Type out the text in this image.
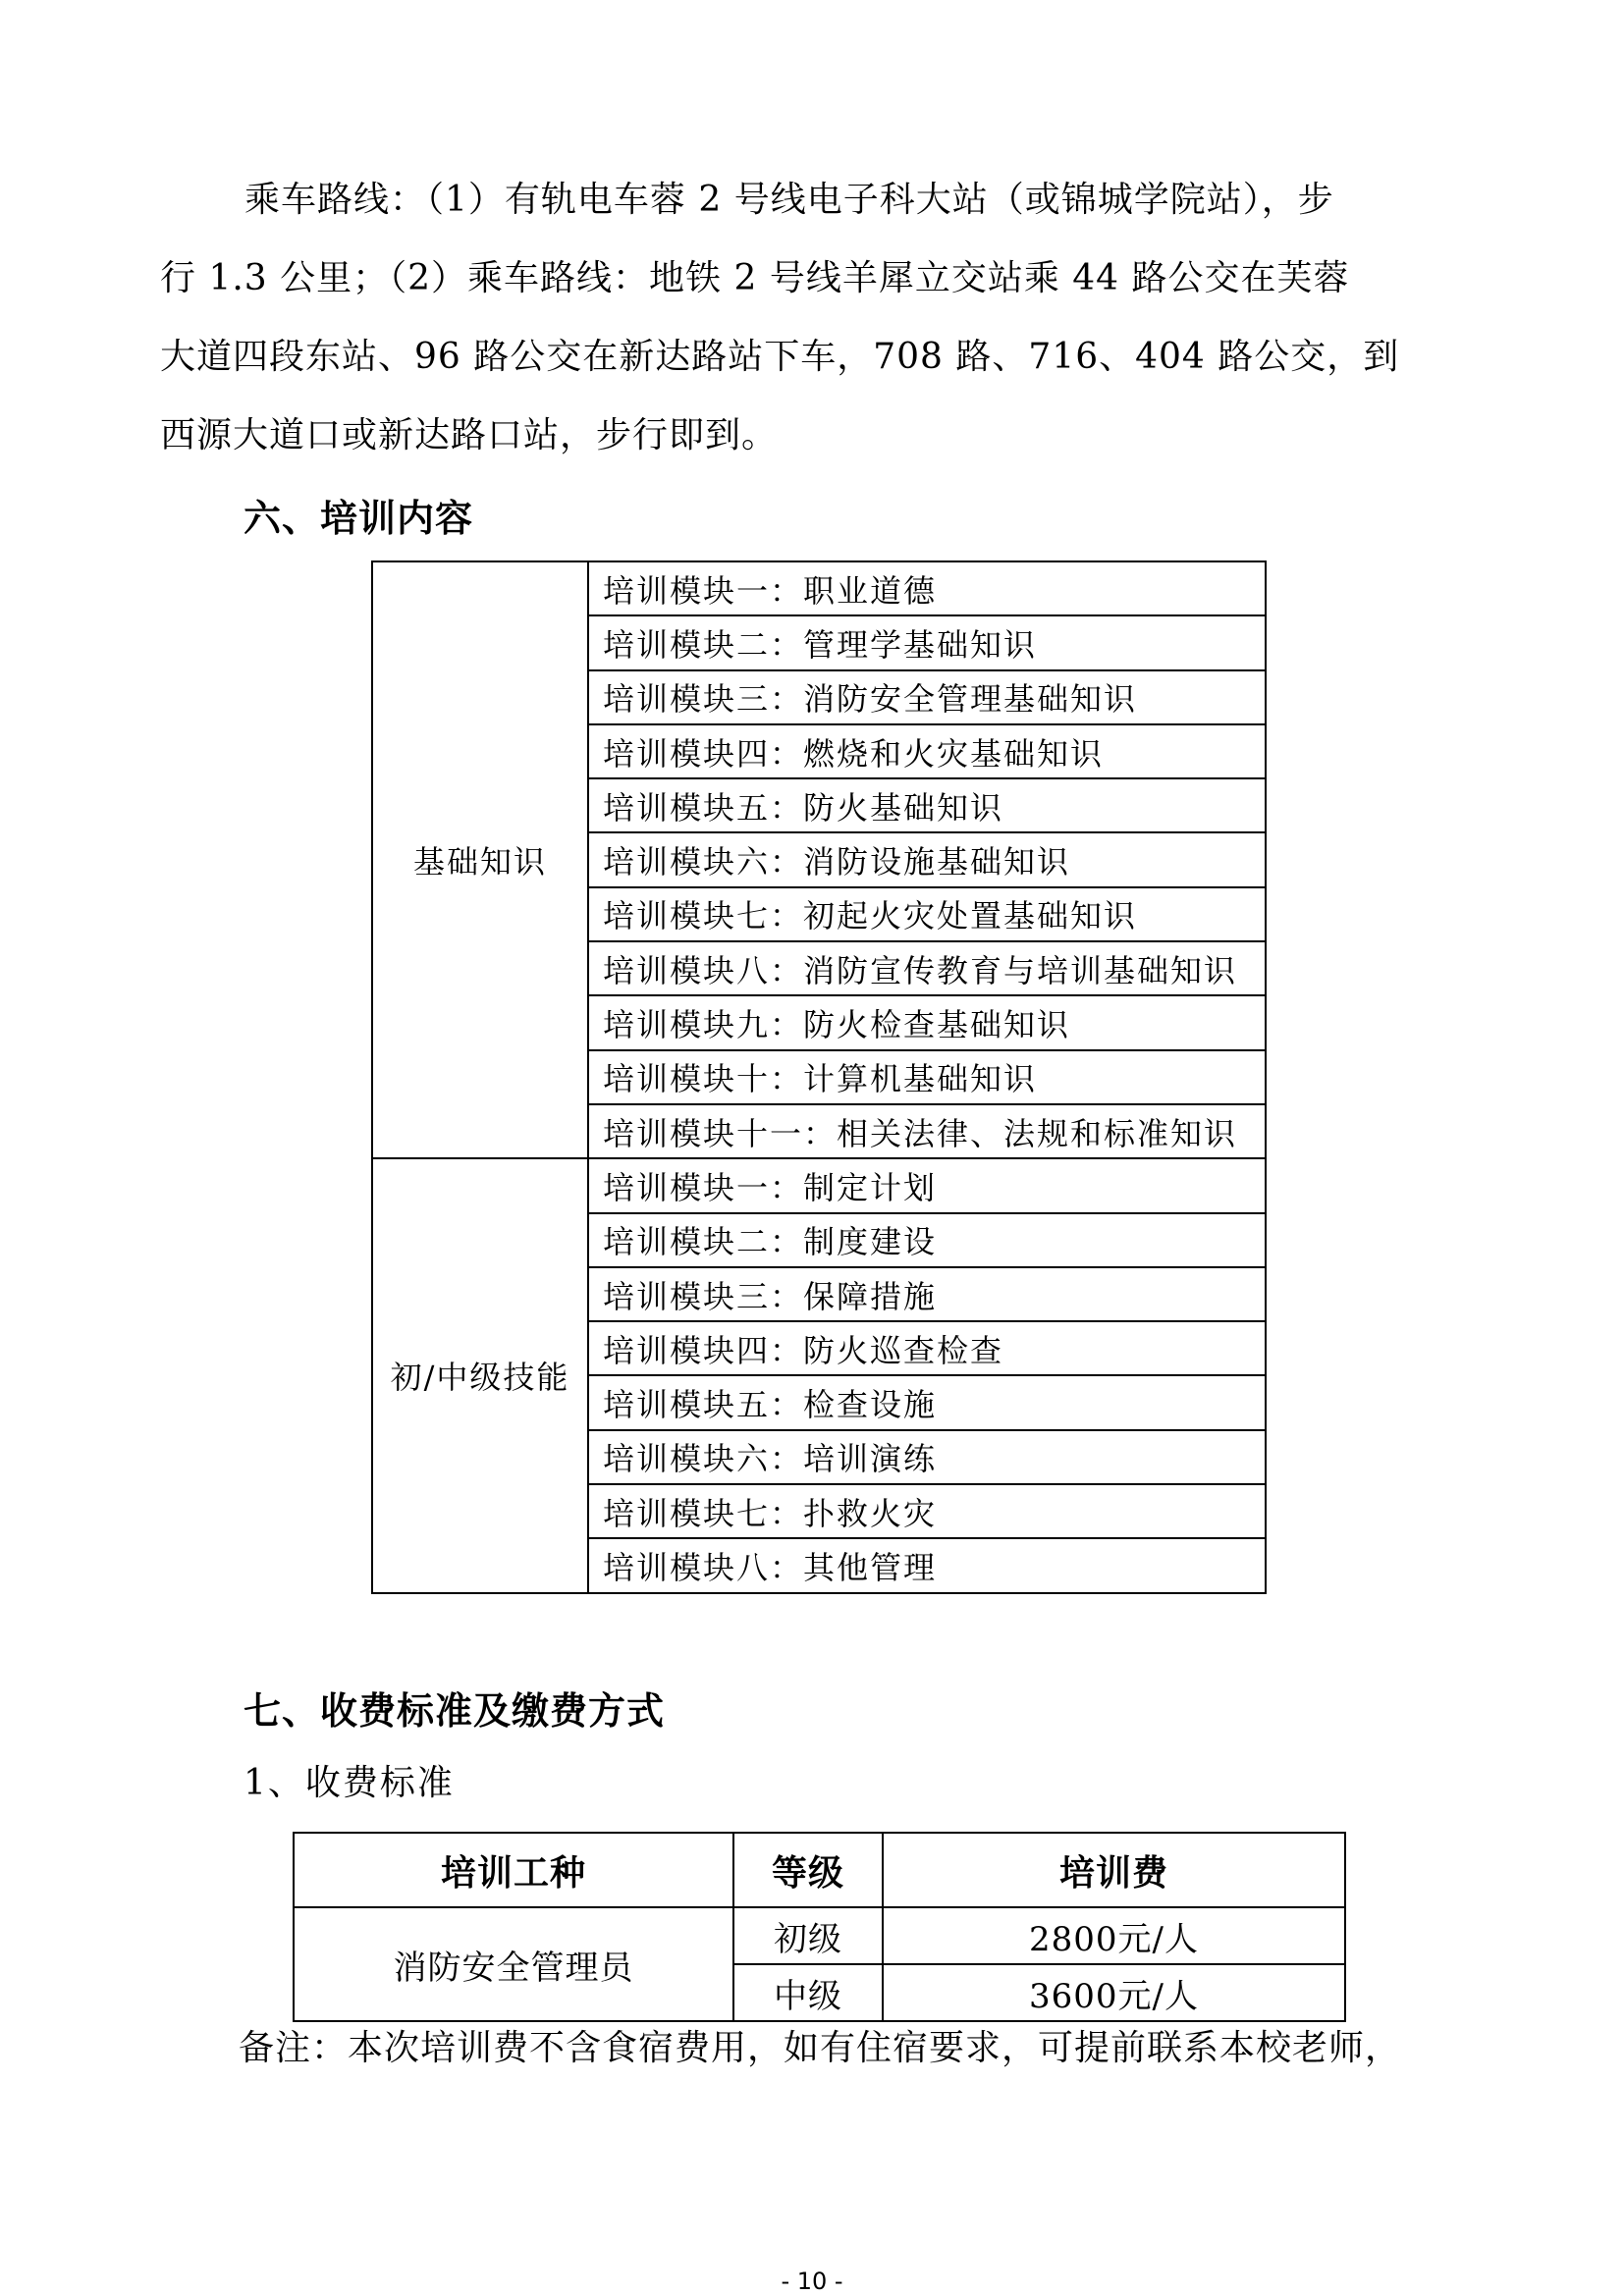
乘车路线：（1）有轨电车蓉 2 号线电子科大站（或锦城学院站），步
行 1.3 公里；（2）乘车路线：地铁 2 号线羊犀立交站乘 44 路公交在芙蓉
大道四段东站、96 路公交在新达路站下车，708 路、716、404 路公交，到
西源大道口或新达路口站，步行即到。
六、培训内容
基础知识	培训模块一：职业道德
	培训模块二：管理学基础知识
	培训模块三：消防安全管理基础知识
	培训模块四：燃烧和火灾基础知识
	培训模块五：防火基础知识
	培训模块六：消防设施基础知识
	培训模块七：初起火灾处置基础知识
	培训模块八：消防宣传教育与培训基础知识
	培训模块九：防火检查基础知识
	培训模块十：计算机基础知识
	培训模块十一：相关法律、法规和标准知识
初/中级技能	培训模块一：制定计划
	培训模块二：制度建设
	培训模块三：保障措施
	培训模块四：防火巡查检查
	培训模块五：检查设施
	培训模块六：培训演练
	培训模块七：扑救火灾
	培训模块八：其他管理
七、收费标准及缴费方式
1、收费标准
培训工种	等级	培训费
消防安全管理员	初级	2800元/人
	中级	3600元/人
备注：本次培训费不含食宿费用，如有住宿要求，可提前联系本校老师，
- 10 -
